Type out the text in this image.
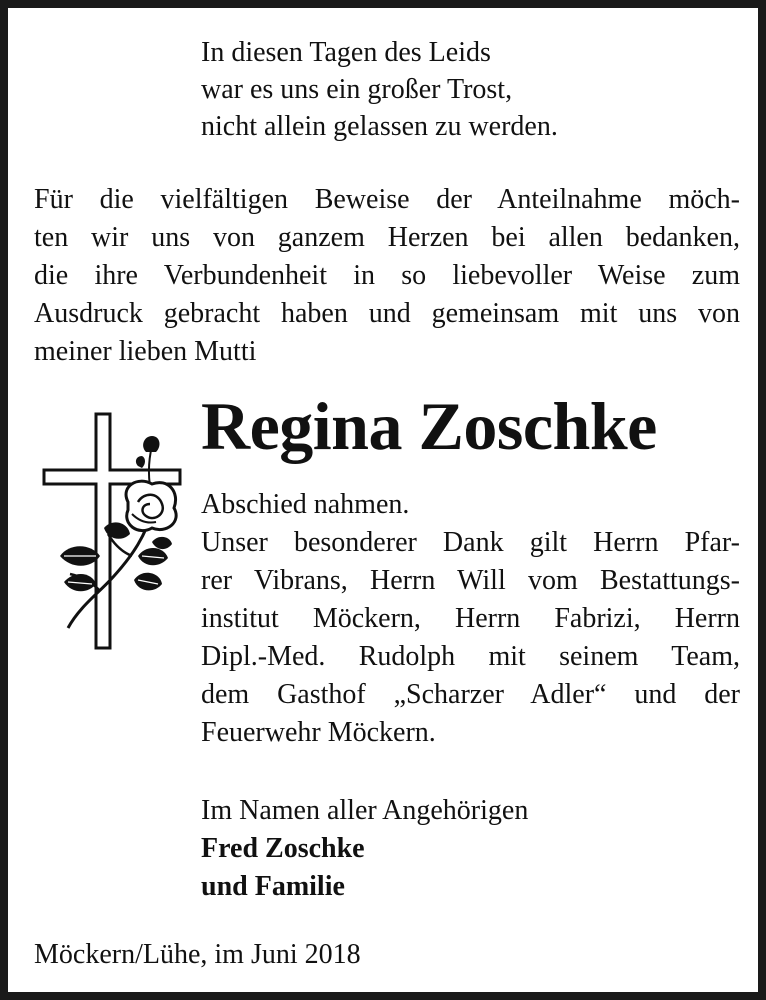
In diesen Tagen des Leids
war es uns ein großer Trost,
nicht allein gelassen zu werden.
Für die vielfältigen Beweise der Anteilnahme möch-
ten wir uns von ganzem Herzen bei allen bedanken,
die ihre Verbundenheit in so liebevoller Weise zum
Ausdruck gebracht haben und gemeinsam mit uns von
meiner lieben Mutti
Regina Zoschke
Abschied nahmen.
Unser besonderer Dank gilt Herrn Pfar-
rer Vibrans, Herrn Will vom Bestattungs-
institut Möckern, Herrn Fabrizi, Herrn
Dipl.-Med. Rudolph mit seinem Team,
dem Gasthof „Scharzer Adler“ und der
Feuerwehr Möckern.
Im Namen aller Angehörigen
Fred Zoschke
und Familie
Möckern/Lühe, im Juni 2018
